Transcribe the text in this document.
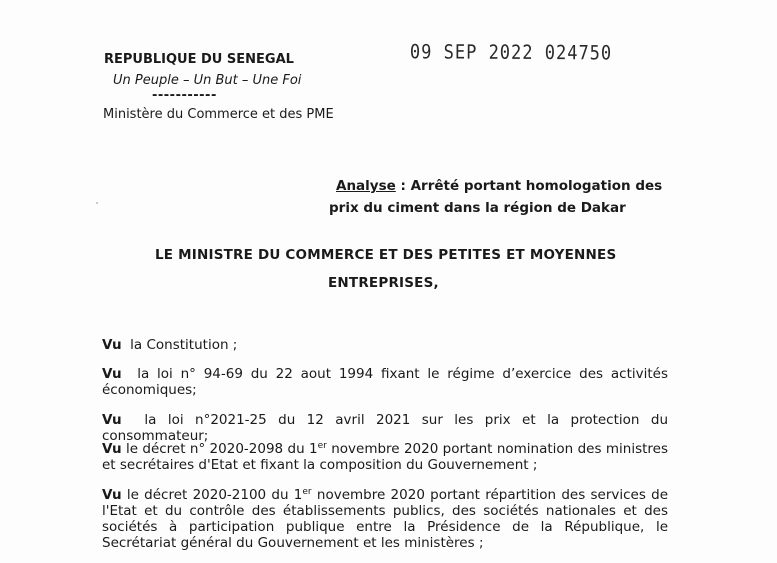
REPUBLIQUE DU SENEGAL
Un Peuple – Un But – Une Foi
-----------
Ministère du Commerce et des PME
09 SEP 2022 024750
Analyse : Arrêté portant homologation des
prix du ciment dans la région de Dakar
LE MINISTRE DU COMMERCE ET DES PETITES ET MOYENNES
ENTREPRISES,
Vu la Constitution ;
Vu la loi n° 94-69 du 22 aout 1994 fixant le régime d’exercice des activités économiques;
Vu la loi n°2021-25 du 12 avril 2021 sur les prix et la protection du consommateur;
Vu le décret n° 2020-2098 du 1er novembre 2020 portant nomination des ministres et secrétaires d'Etat et fixant la composition du Gouvernement ;
Vu le décret 2020-2100 du 1er novembre 2020 portant répartition des services de l'Etat et du contrôle des établissements publics, des sociétés nationales et des sociétés à participation publique entre la Présidence de la République, le Secrétariat général du Gouvernement et les ministères ;
